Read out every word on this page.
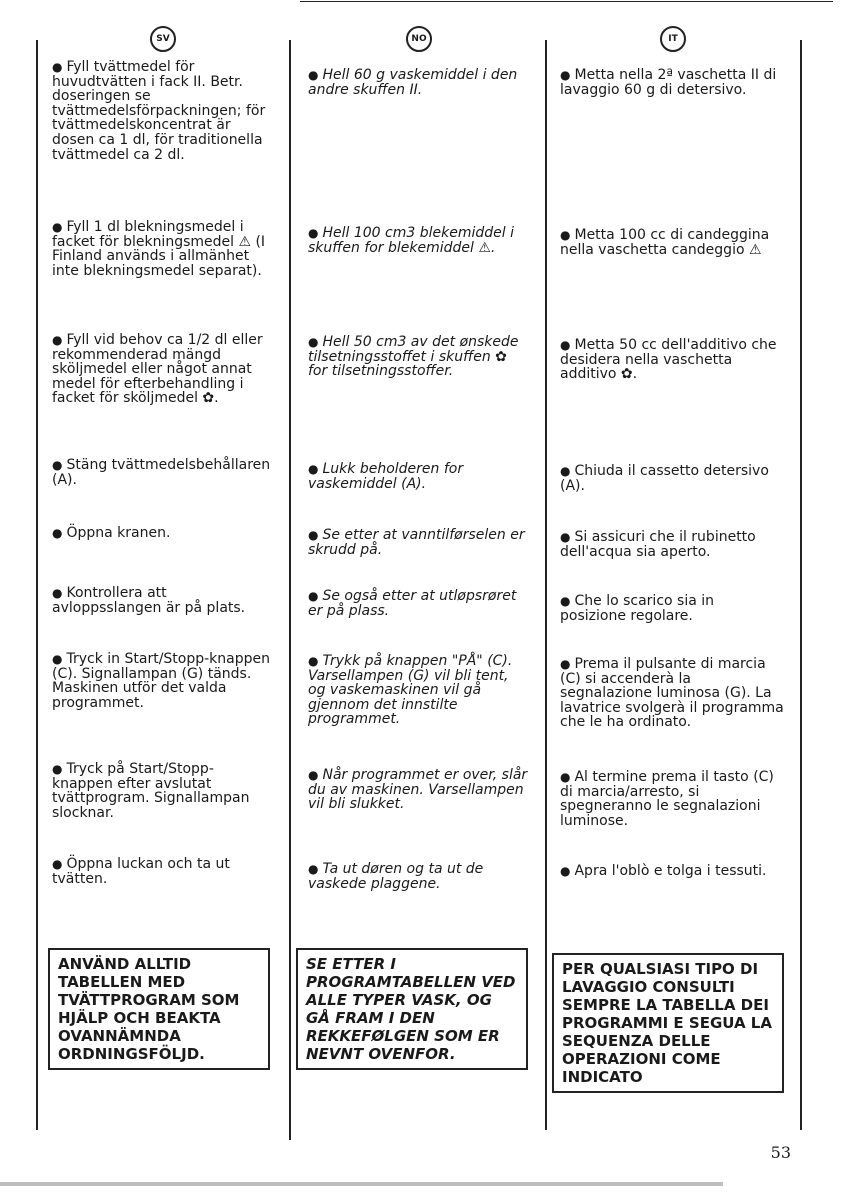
SV
● Fyll tvättmedel för huvudtvätten i fack II. Betr. doseringen se tvättmedelsförpackningen; för tvättmedelskoncentrat är dosen ca 1 dl, för traditionella tvättmedel ca 2 dl.
● Fyll 1 dl blekningsmedel i facket för blekningsmedel ⚠ (I Finland används i allmänhet inte blekningsmedel separat).
● Fyll vid behov ca 1/2 dl eller rekommenderad mängd sköljmedel eller något annat medel för efterbehandling i facket för sköljmedel ✿.
● Stäng tvättmedelsbehållaren (A).
● Öppna kranen.
● Kontrollera att avloppsslangen är på plats.
● Tryck in Start/Stopp-knappen (C). Signallampan (G) tänds. Maskinen utför det valda programmet.
● Tryck på Start/Stopp-knappen efter avslutat tvättprogram. Signallampan slocknar.
● Öppna luckan och ta ut tvätten.
ANVÄND ALLTID TABELLEN MED TVÄTTPROGRAM SOM HJÄLP OCH BEAKTA OVANNÄMNDA ORDNINGSFÖLJD.
NO
● Hell 60 g vaskemiddel i den andre skuffen II.
● Hell 100 cm3 blekemiddel i skuffen for blekemiddel ⚠.
● Hell 50 cm3 av det ønskede tilsetningsstoffet i skuffen ✿ for tilsetningsstoffer.
● Lukk beholderen for vaskemiddel (A).
● Se etter at vanntilførselen er skrudd på.
● Se også etter at utløpsrøret er på plass.
● Trykk på knappen "PÅ" (C). Varsellampen (G) vil bli tent, og vaskemaskinen vil gå gjennom det innstilte programmet.
● Når programmet er over, slår du av maskinen. Varsellampen vil bli slukket.
● Ta ut døren og ta ut de vaskede plaggene.
SE ETTER I PROGRAMTABELLEN VED ALLE TYPER VASK, OG GÅ FRAM I DEN REKKEFØLGEN SOM ER NEVNT OVENFOR.
IT
● Metta nella 2ª vaschetta II di lavaggio 60 g di detersivo.
● Metta 100 cc di candeggina nella vaschetta candeggio ⚠
● Metta 50 cc dell'additivo che desidera nella vaschetta additivo ✿.
● Chiuda il cassetto detersivo (A).
● Si assicuri che il rubinetto dell'acqua sia aperto.
● Che lo scarico sia in posizione regolare.
● Prema il pulsante di marcia (C) si accenderà la segnalazione luminosa (G). La lavatrice svolgerà il programma che le ha ordinato.
● Al termine prema il tasto (C) di marcia/arresto, si spegneranno le segnalazioni luminose.
● Apra l'oblò e tolga i tessuti.
PER QUALSIASI TIPO DI LAVAGGIO CONSULTI SEMPRE LA TABELLA DEI PROGRAMMI E SEGUA LA SEQUENZA DELLE OPERAZIONI COME INDICATO
53
